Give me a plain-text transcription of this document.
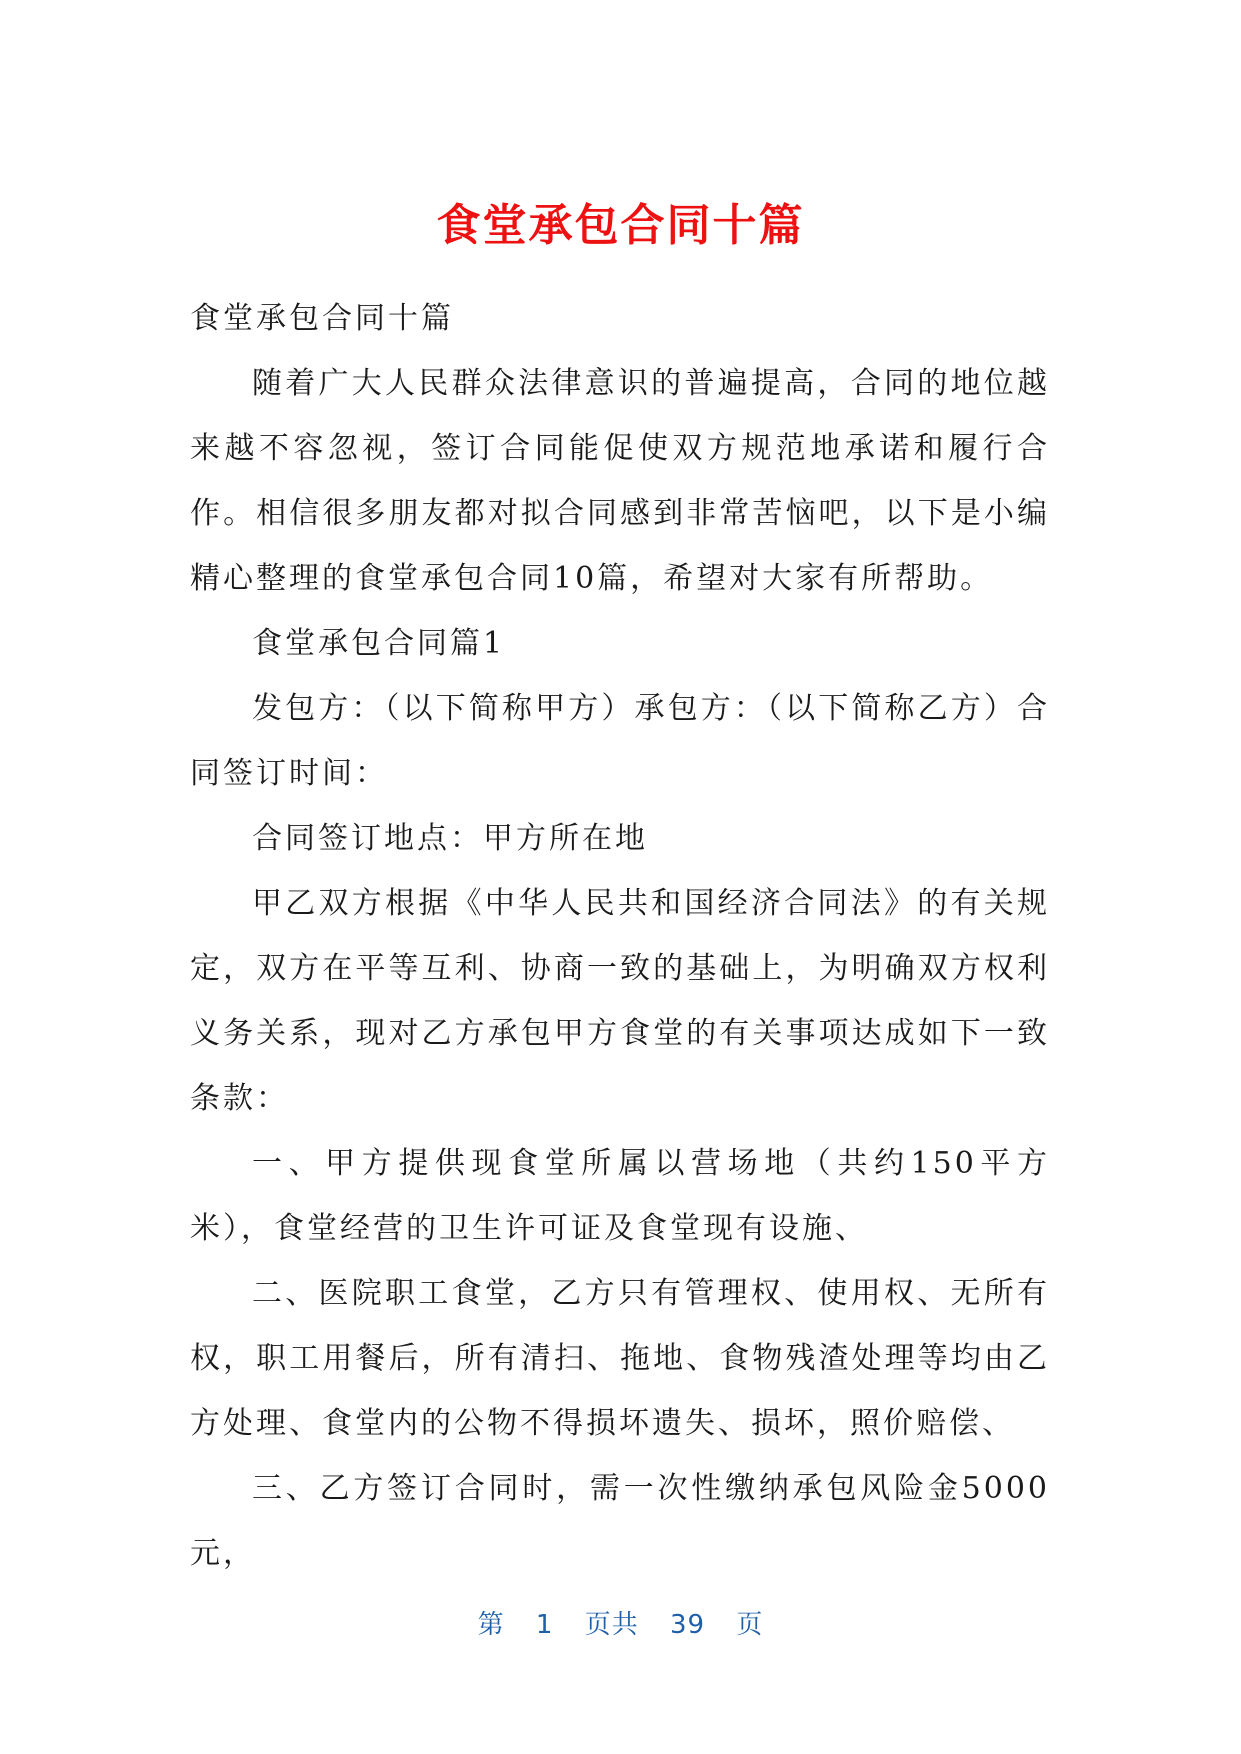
食堂承包合同十篇

食堂承包合同十篇

随着广大人民群众法律意识的普遍提高，合同的地位越来越不容忽视，签订合同能促使双方规范地承诺和履行合作。相信很多朋友都对拟合同感到非常苦恼吧，以下是小编精心整理的食堂承包合同10篇，希望对大家有所帮助。

食堂承包合同篇1

发包方：（以下简称甲方）承包方：（以下简称乙方）合同签订时间：

合同签订地点：甲方所在地

甲乙双方根据《中华人民共和国经济合同法》的有关规定，双方在平等互利、协商一致的基础上，为明确双方权利义务关系，现对乙方承包甲方食堂的有关事项达成如下一致条款：

一、甲方提供现食堂所属以营场地（共约150平方米），食堂经营的卫生许可证及食堂现有设施、

二、医院职工食堂，乙方只有管理权、使用权、无所有权，职工用餐后，所有清扫、拖地、食物残渣处理等均由乙方处理、食堂内的公物不得损坏遗失、损坏，照价赔偿、

三、乙方签订合同时，需一次性缴纳承包风险金5000元，

第 1 页共 39 页
